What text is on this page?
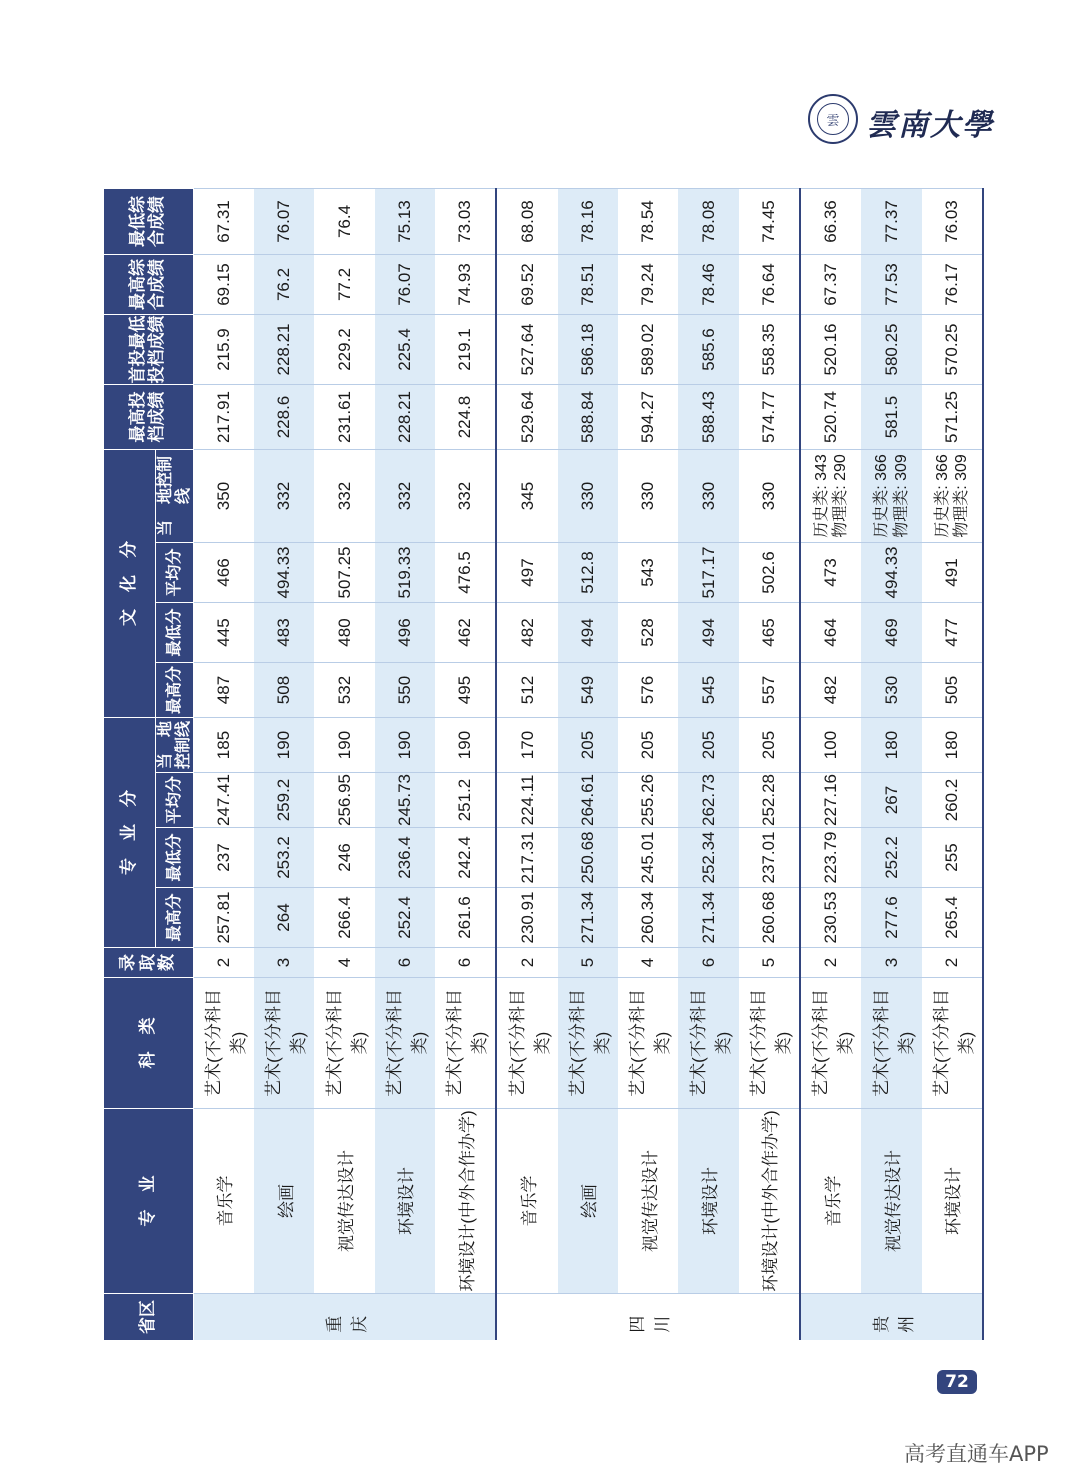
雲 雲南大學
省区	专　业	科　类	录取数	专　业　分				文　化　分				最高投档成绩	首投最低投档成绩	最高综合成绩	最低综合成绩
				最高分	最低分	平均分	当　地控制线	最高分	最低分	平均分	当　地控制线				
重　庆	音乐学	艺术(不分科目类)	2	257.81	237	247.41	185	487	445	466	350	217.91	215.9	69.15	67.31
	绘画	艺术(不分科目类)	3	264	253.2	259.2	190	508	483	494.33	332	228.6	228.21	76.2	76.07
	视觉传达设计	艺术(不分科目类)	4	266.4	246	256.95	190	532	480	507.25	332	231.61	229.2	77.2	76.4
	环境设计	艺术(不分科目类)	6	252.4	236.4	245.73	190	550	496	519.33	332	228.21	225.4	76.07	75.13
	环境设计(中外合作办学)	艺术(不分科目类)	6	261.6	242.4	251.2	190	495	462	476.5	332	224.8	219.1	74.93	73.03
四　川	音乐学	艺术(不分科目类)	2	230.91	217.31	224.11	170	512	482	497	345	529.64	527.64	69.52	68.08
	绘画	艺术(不分科目类)	5	271.34	250.68	264.61	205	549	494	512.8	330	588.84	586.18	78.51	78.16
	视觉传达设计	艺术(不分科目类)	4	260.34	245.01	255.26	205	576	528	543	330	594.27	589.02	79.24	78.54
	环境设计	艺术(不分科目类)	6	271.34	252.34	262.73	205	545	494	517.17	330	588.43	585.6	78.46	78.08
	环境设计(中外合作办学)	艺术(不分科目类)	5	260.68	237.01	252.28	205	557	465	502.6	330	574.77	558.35	76.64	74.45
贵　州	音乐学	艺术(不分科目类)	2	230.53	223.79	227.16	100	482	464	473	历史类: 343 物理类: 290	520.74	520.16	67.37	66.36
	视觉传达设计	艺术(不分科目类)	3	277.6	252.2	267	180	530	469	494.33	历史类: 366 物理类: 309	581.5	580.25	77.53	77.37
	环境设计	艺术(不分科目类)	2	265.4	255	260.2	180	505	477	491	历史类: 366 物理类: 309	571.25	570.25	76.17	76.03
72
高考直通车APP
